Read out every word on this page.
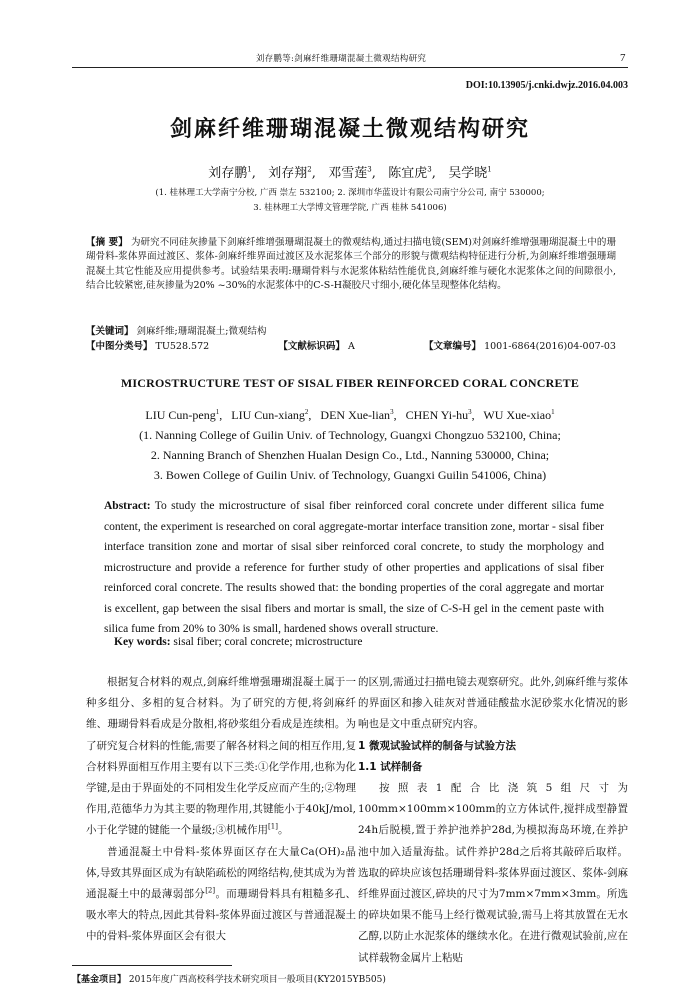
刘存鹏等:剑麻纤维珊瑚混凝土微观结构研究	7
DOI:10.13905/j.cnki.dwjz.2016.04.003
剑麻纤维珊瑚混凝土微观结构研究
刘存鹏$^1$,   刘存翔$^2$,   邓雪莲$^3$,   陈宜虎$^3$,   吴学晓$^1$
(1. 桂林理工大学南宁分校, 广西 崇左 532100; 2. 深圳市华蓝设计有限公司南宁分公司, 南宁 530000;
3. 桂林理工大学博文管理学院, 广西 桂林 541006)
【摘 要】 为研究不同硅灰掺量下剑麻纤维增强珊瑚混凝土的微观结构,通过扫描电镜(SEM)对剑麻纤维增强珊瑚混凝土中的珊瑚骨料-浆体界面过渡区、浆体-剑麻纤维界面过渡区及水泥浆体三个部分的形貌与微观结构特征进行分析,为剑麻纤维增强珊瑚混凝土其它性能及应用提供参考。试验结果表明:珊瑚骨料与水泥浆体粘结性能优良,剑麻纤维与硬化水泥浆体之间的间隙很小,结合比较紧密,硅灰掺量为20% ~30%的水泥浆体中的C-S-H凝胶尺寸细小,硬化体呈现整体化结构。
【关键词】 剑麻纤维;珊瑚混凝土;微观结构
【中图分类号】 TU528.572	【文献标识码】 A	【文章编号】 1001-6864(2016)04-007-03
MICROSTRUCTURE TEST OF SISAL FIBER REINFORCED CORAL CONCRETE
LIU Cun-peng$^1$,   LIU Cun-xiang$^2$,   DEN Xue-lian$^3$,   CHEN $Yi-hu^3$,   WU Xue-xiao$^1$
(1. Nanning College of Guilin Univ. of Technology, Guangxi Chongzuo 532100, China;
2. Nanning Branch of Shenzhen Hualan Design Co., Ltd., Nanning 530000, China;
3. Bowen College of Guilin Univ. of Technology, Guangxi Guilin 541006, China)
Abstract: To study the microstructure of sisal fiber reinforced coral concrete under different silica fume content, the experiment is researched on coral aggregate-mortar interface transition zone, mortar - sisal fiber interface transition zone and mortar of sisal siber reinforced coral concrete, to study the morphology and microstructure and provide a reference for further study of other properties and applications of sisal fiber reinforced coral concrete. The results showed that: the bonding properties of the coral aggregate and mortar is excellent, gap between the sisal fibers and mortar is small, the size of C-S-H gel in the cement paste with silica fume from 20% to 30% is small, hardened shows overall structure.
Key words: sisal fiber; coral concrete; microstructure

根据复合材料的观点,剑麻纤维增强珊瑚混凝土属于一种多组分、多相的复合材料。为了研究的方便,将剑麻纤维、珊瑚骨料看成是分散相,将砂浆组分看成是连续相。为了研究复合材料的性能,需要了解各材料之间的相互作用,复合材料界面相互作用主要有以下三类:①化学作用,也称为化学键,是由于界面处的不同相发生化学反应而产生的;②物理作用,范德华力为其主要的物理作用,其键能小于40kJ/mol,小于化学键的键能一个量级;③机械作用[1]。

普通混凝土中骨料-浆体界面区存在大量Ca(OH)₂晶体,导致其界面区成为有缺陷疏松的网络结构,使其成为为普通混凝土中的最薄弱部分[2]。而珊瑚骨料具有粗糙多孔、吸水率大的特点,因此其骨料-浆体界面过渡区与普通混凝土中的骨料-浆体界面区会有很大

的区别,需通过扫描电镜去观察研究。此外,剑麻纤维与浆体的界面区和掺入硅灰对普通硅酸盐水泥砂浆水化情况的影响也是文中重点研究内容。

1 微观试验试样的制备与试验方法

1.1 试样制备

按照表1配合比浇筑5组尺寸为100mm×100mm×100mm的立方体试件,搅拌成型静置24h后脱模,置于养护池养护28d,为模拟海岛环境,在养护池中加入适量海盐。试件养护28d之后将其敲碎后取样。选取的碎块应该包括珊瑚骨料-浆体界面过渡区、浆体-剑麻纤维界面过渡区,碎块的尺寸为7mm×7mm×3mm。所选的碎块如果不能马上经行微观试验,需马上将其放置在无水乙醇,以防止水泥浆体的继续水化。在进行微观试验前,应在试样载物金属片上粘贴

【基金项目】 2015年度广西高校科学技术研究项目一般项目(KY2015YB505)
